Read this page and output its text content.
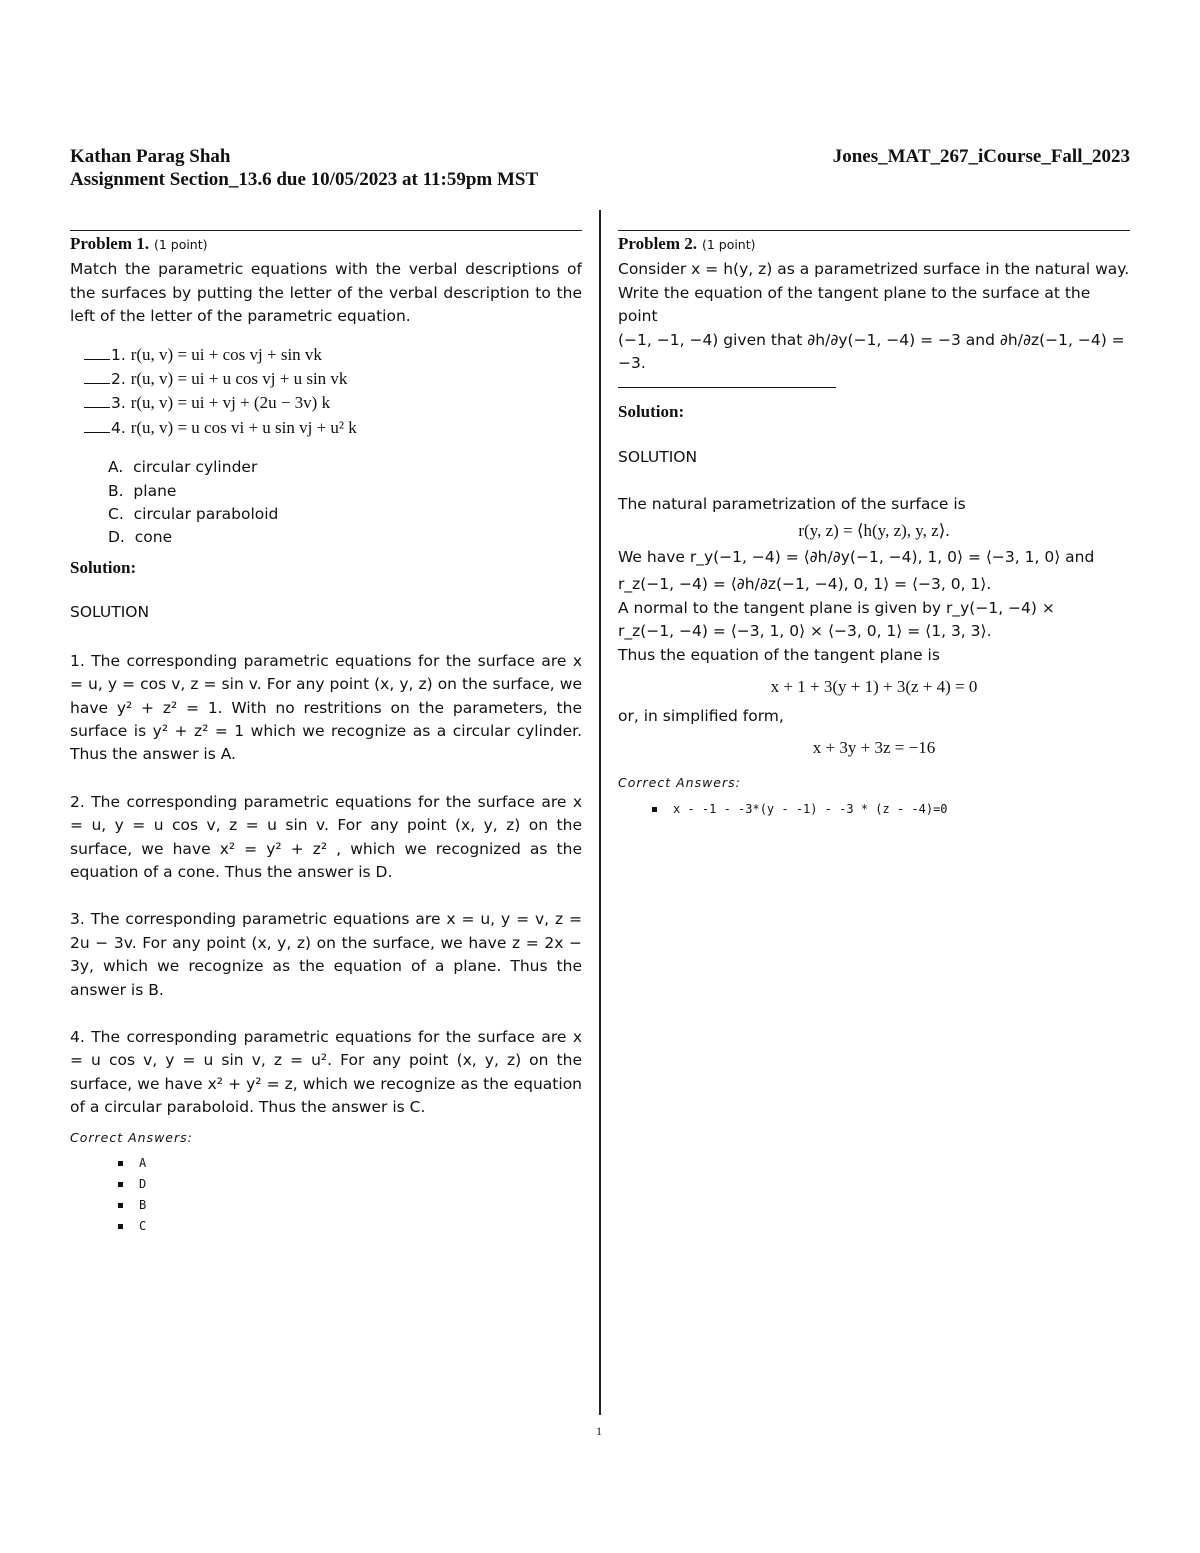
Kathan Parag Shah	Jones_MAT_267_iCourse_Fall_2023
Assignment Section_13.6 due 10/05/2023 at 11:59pm MST
Problem 1. (1 point)
Match the parametric equations with the verbal descriptions of the surfaces by putting the letter of the verbal description to the left of the letter of the parametric equation.
1. r(u, v) = ui + cos vj + sin vk
2. r(u, v) = ui + u cos vj + u sin vk
3. r(u, v) = ui + vj + (2u − 3v) k
4. r(u, v) = u cos vi + u sin vj + u² k
A. circular cylinder
B. plane
C. circular paraboloid
D. cone
Solution:
SOLUTION
1. The corresponding parametric equations for the surface are x = u, y = cos v, z = sin v. For any point (x, y, z) on the surface, we have y² + z² = 1. With no restritions on the parameters, the surface is y² + z² = 1 which we recognize as a circular cylinder. Thus the answer is A.
2. The corresponding parametric equations for the surface are x = u, y = u cos v, z = u sin v. For any point (x, y, z) on the surface, we have x² = y² + z² , which we recognized as the equation of a cone. Thus the answer is D.
3. The corresponding parametric equations are x = u, y = v, z = 2u − 3v. For any point (x, y, z) on the surface, we have z = 2x − 3y, which we recognize as the equation of a plane. Thus the answer is B.
4. The corresponding parametric equations for the surface are x = u cos v, y = u sin v, z = u². For any point (x, y, z) on the surface, we have x² + y² = z, which we recognize as the equation of a circular paraboloid. Thus the answer is C.
Correct Answers:
A
D
B
C
Problem 2. (1 point)
Consider x = h(y, z) as a parametrized surface in the natural way.
Write the equation of the tangent plane to the surface at the point
(−1, −1, −4) given that ∂h/∂y(−1, −4) = −3 and ∂h/∂z(−1, −4) = −3.
Solution:
SOLUTION
The natural parametrization of the surface is
r(y, z) = ⟨h(y, z), y, z⟩.
We have r_y(−1, −4) = ⟨∂h/∂y(−1, −4), 1, 0⟩ = ⟨−3, 1, 0⟩ and
r_z(−1, −4) = ⟨∂h/∂z(−1, −4), 0, 1⟩ = ⟨−3, 0, 1⟩.
A normal to the tangent plane is given by r_y(−1, −4) ×
r_z(−1, −4) = ⟨−3, 1, 0⟩ × ⟨−3, 0, 1⟩ = ⟨1, 3, 3⟩.
Thus the equation of the tangent plane is
x + 1 + 3(y + 1) + 3(z + 4) = 0
or, in simplified form,
x + 3y + 3z = −16
Correct Answers:
x - -1 - -3*(y - -1) - -3 * (z - -4)=0
1
